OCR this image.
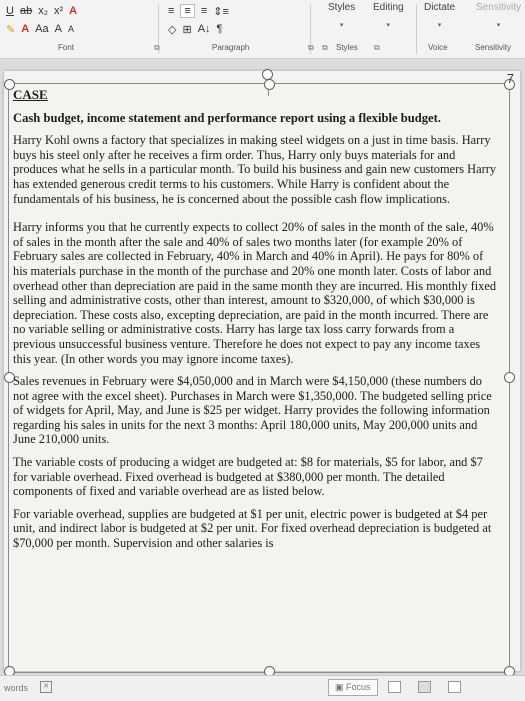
U ab x₂ x² A
✎ A Aa A A
≡ ≡ ≡ ⇕≡
◇ ⊞ A↓ ¶
Styles
▾
Editing
▾
Dictate
▾
Sensitivity
▾
Font	⧉	Paragraph	⧉ ⧉ Styles ⧉	Voice	Sensitivity
7

CASE

Cash budget, income statement and performance report using a flexible budget.

Harry Kohl owns a factory that specializes in making steel widgets on a just in time basis. Harry buys his steel only after he receives a firm order. Thus, Harry only buys materials for and produces what he sells in a particular month. To build his business and gain new customers Harry has extended generous credit terms to his customers. While Harry is confident about the fundamentals of his business, he is concerned about the possible cash flow implications.

Harry informs you that he currently expects to collect 20% of sales in the month of the sale, 40% of sales in the month after the sale and 40% of sales two months later (for example 20% of February sales are collected in February, 40% in March and 40% in April). He pays for 80% of his materials purchase in the month of the purchase and 20% one month later. Costs of labor and overhead other than depreciation are paid in the same month they are incurred. His monthly fixed selling and administrative costs, other than interest, amount to $320,000, of which $30,000 is depreciation. These costs also, excepting depreciation, are paid in the month incurred. There are no variable selling or administrative costs. Harry has large tax loss carry forwards from a previous unsuccessful business venture. Therefore he does not expect to pay any income taxes this year. (In other words you may ignore income taxes).

Sales revenues in February were $4,050,000 and in March were $4,150,000 (these numbers do not agree with the excel sheet). Purchases in March were $1,350,000. The budgeted selling price of widgets for April, May, and June is $25 per widget. Harry provides the following information regarding his sales in units for the next 3 months: April 180,000 units, May 200,000 units and June 210,000 units.

The variable costs of producing a widget are budgeted at: $8 for materials, $5 for labor, and $7 for variable overhead. Fixed overhead is budgeted at $380,000 per month. The detailed components of fixed and variable overhead are as listed below.

For variable overhead, supplies are budgeted at $1 per unit, electric power is budgeted at $4 per unit, and indirect labor is budgeted at $2 per unit. For fixed overhead depreciation is budgeted at $70,000 per month. Supervision and other salaries is

words	✕	▣ Focus
